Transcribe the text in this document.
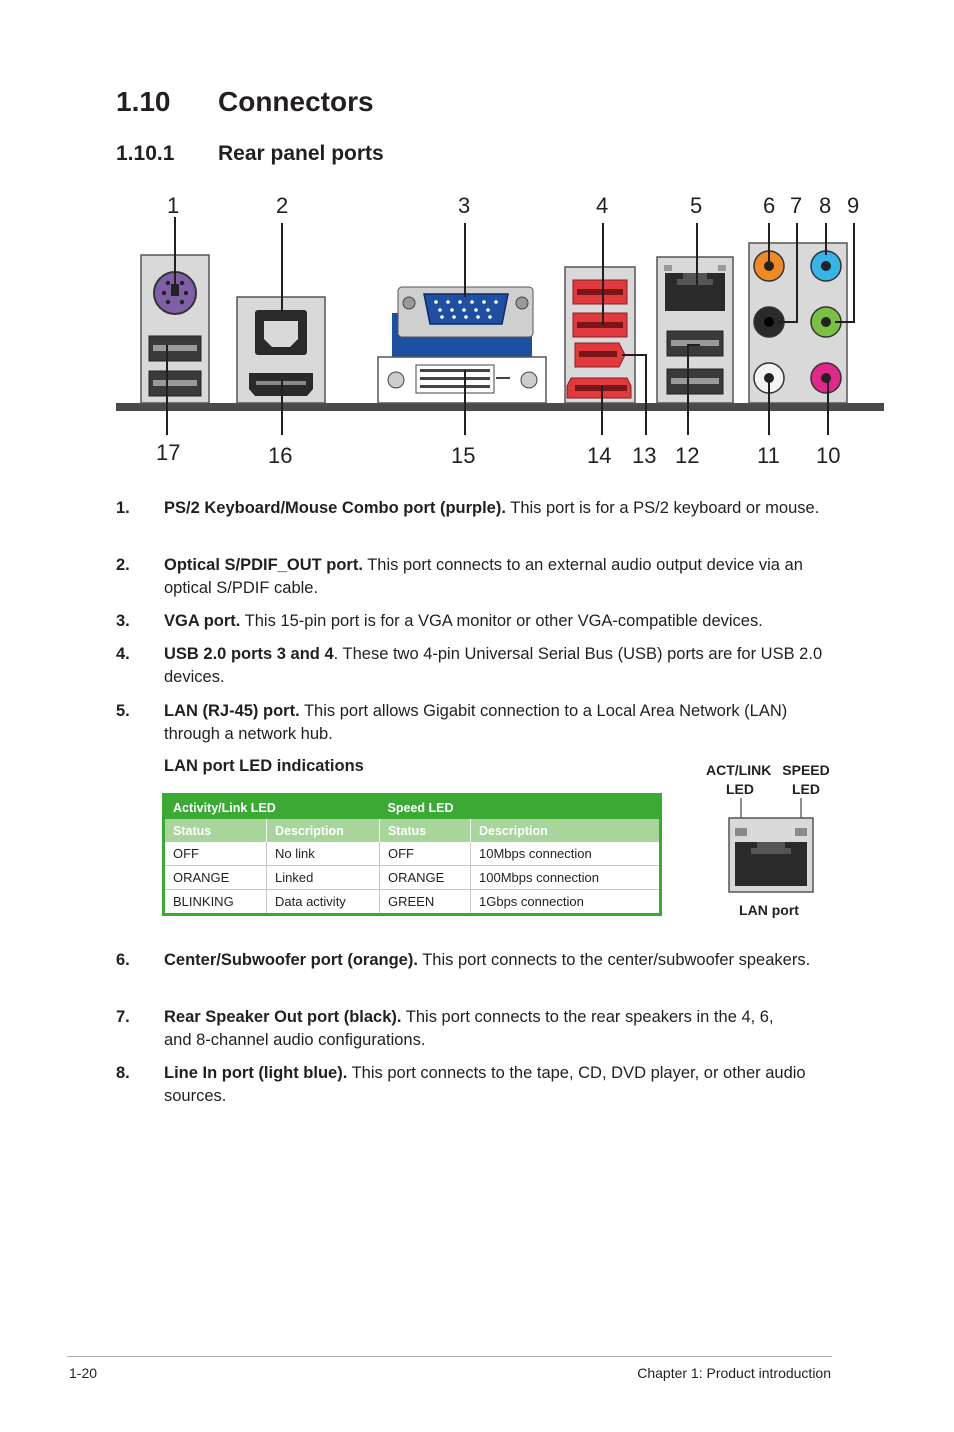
1.10 Connectors
1.10.1 Rear panel ports
1	2	3	4	5	6 7 8 9
17	16	15	14 13 12	11 10
1. PS/2 Keyboard/Mouse Combo port (purple). This port is for a PS/2 keyboard or mouse.
2. Optical S/PDIF_OUT port. This port connects to an external audio output device via an optical S/PDIF cable.
3. VGA port. This 15-pin port is for a VGA monitor or other VGA-compatible devices.
4. USB 2.0 ports 3 and 4. These two 4-pin Universal Serial Bus (USB) ports are for USB 2.0 devices.
5. LAN (RJ-45) port. This port allows Gigabit connection to a Local Area Network (LAN) through a network hub.
LAN port LED indications
Activity/Link LED		Speed LED	
Status	Description	Status	Description
OFF	No link	OFF	10Mbps connection
ORANGE	Linked	ORANGE	100Mbps connection
BLINKING	Data activity	GREEN	1Gbps connection
ACT/LINK
LED
SPEED
LED
LAN port
6. Center/Subwoofer port (orange). This port connects to the center/subwoofer speakers.
7. Rear Speaker Out port (black). This port connects to the rear speakers in the 4, 6, and 8-channel audio configurations.
8. Line In port (light blue). This port connects to the tape, CD, DVD player, or other audio sources.
1-20	Chapter 1: Product introduction
